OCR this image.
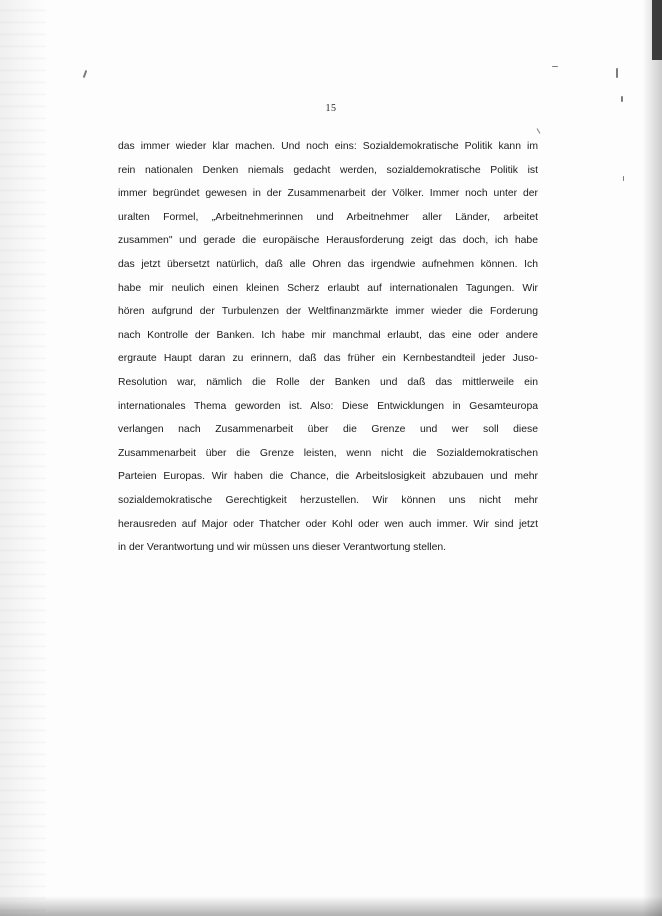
15
das immer wieder klar machen. Und noch eins: Sozialdemokratische Politik kann im
rein nationalen Denken niemals gedacht werden, sozialdemokratische Politik ist
immer begründet gewesen in der Zusammenarbeit der Völker. Immer noch unter der
uralten Formel, „Arbeitnehmerinnen und Arbeitnehmer aller Länder, arbeitet
zusammen" und gerade die europäische Herausforderung zeigt das doch, ich habe
das jetzt übersetzt natürlich, daß alle Ohren das irgendwie aufnehmen können. Ich
habe mir neulich einen kleinen Scherz erlaubt auf internationalen Tagungen. Wir
hören aufgrund der Turbulenzen der Weltfinanzmärkte immer wieder die Forderung
nach Kontrolle der Banken. Ich habe mir manchmal erlaubt, das eine oder andere
ergraute Haupt daran zu erinnern, daß das früher ein Kernbestandteil jeder Juso-
Resolution war, nämlich die Rolle der Banken und daß das mittlerweile ein
internationales Thema geworden ist. Also: Diese Entwicklungen in Gesamteuropa
verlangen nach Zusammenarbeit über die Grenze und wer soll diese
Zusammenarbeit über die Grenze leisten, wenn nicht die Sozialdemokratischen
Parteien Europas. Wir haben die Chance, die Arbeitslosigkeit abzubauen und mehr
sozialdemokratische Gerechtigkeit herzustellen. Wir können uns nicht mehr
herausreden auf Major oder Thatcher oder Kohl oder wen auch immer. Wir sind jetzt
in der Verantwortung und wir müssen uns dieser Verantwortung stellen.
